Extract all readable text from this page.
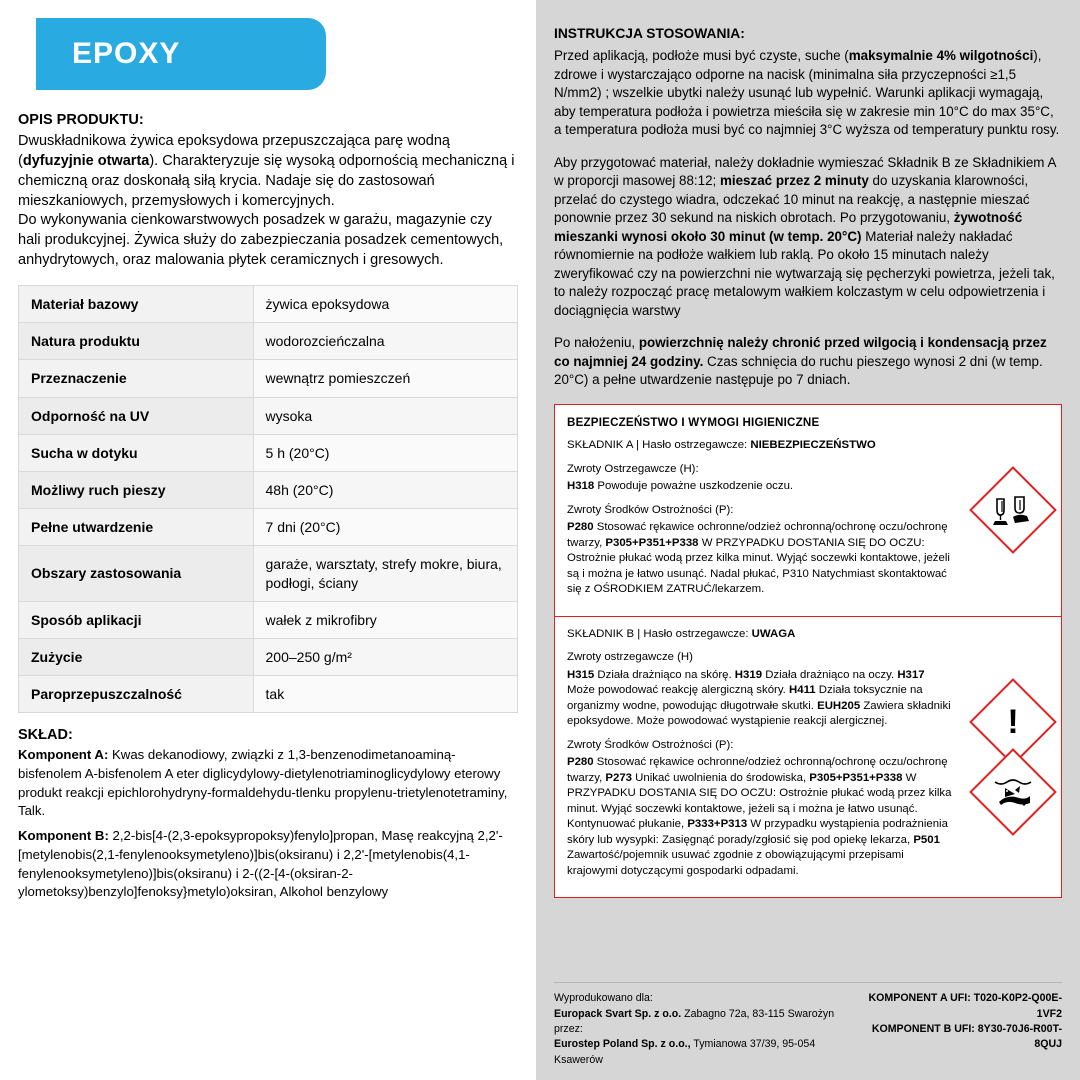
EPOXY
OPIS PRODUKTU:
Dwuskładnikowa żywica epoksydowa przepuszczająca parę wodną (dyfuzyjnie otwarta). Charakteryzuje się wysoką odpornością mechaniczną i chemiczną oraz doskonałą siłą krycia. Nadaje się do zastosowań mieszkaniowych, przemysłowych i komercyjnych.
Do wykonywania cienkowarstwowych posadzek w garażu, magazynie czy hali produkcyjnej. Żywica służy do zabezpieczania posadzek cementowych, anhydrytowych, oraz malowania płytek ceramicznych i gresowych.
Materiał bazowy	żywica epoksydowa
Natura produktu	wodorozcieńczalna
Przeznaczenie	wewnątrz pomieszczeń
Odporność na UV	wysoka
Sucha w dotyku	5 h (20°C)
Możliwy ruch pieszy	48h (20°C)
Pełne utwardzenie	7 dni (20°C)
Obszary zastosowania	garaże, warsztaty, strefy mokre, biura, podłogi, ściany
Sposób aplikacji	wałek z mikrofibry
Zużycie	200–250 g/m²
Paroprzepuszczalność	tak
SKŁAD:

Komponent A: Kwas dekanodiowy, związki z 1,3-benzenodimetanoaminą-bisfenolem A-bisfenolem A eter diglicydylowy-dietylenotriaminoglicydylowy eterowy produkt reakcji epichlorohydryny-formaldehydu-tlenku propylenu-trietylenotetraminy, Talk.

Komponent B: 2,2-bis[4-(2,3-epoksypropoksy)fenylo]propan, Masę reakcyjną 2,2'-[metylenobis(2,1-fenylenooksymetyleno)]bis(oksiranu) i 2,2'-[metylenobis(4,1-fenylenooksymetyleno)]bis(oksiranu) i 2-((2-[4-(oksiran-2-ylometoksy)benzylo]fenoksy}metylo)oksiran, Alkohol benzylowy

INSTRUKCJA STOSOWANIA:

Przed aplikacją, podłoże musi być czyste, suche (maksymalnie 4% wilgotności), zdrowe i wystarczająco odporne na nacisk (minimalna siła przyczepności ≥1,5 N/mm2) ; wszelkie ubytki należy usunąć lub wypełnić. Warunki aplikacji wymagają, aby temperatura podłoża i powietrza mieściła się w zakresie min 10°C do max 35°C, a temperatura podłoża musi być co najmniej 3°C wyższa od temperatury punktu rosy.

Aby przygotować materiał, należy dokładnie wymieszać Składnik B ze Składnikiem A w proporcji masowej 88:12; mieszać przez 2 minuty do uzyskania klarowności, przelać do czystego wiadra, odczekać 10 minut na reakcję, a następnie mieszać ponownie przez 30 sekund na niskich obrotach. Po przygotowaniu, żywotność mieszanki wynosi około 30 minut (w temp. 20°C) Materiał należy nakładać równomiernie na podłoże wałkiem lub raklą. Po około 15 minutach należy zweryfikować czy na powierzchni nie wytwarzają się pęcherzyki powietrza, jeżeli tak, to należy rozpocząć pracę metalowym wałkiem kolczastym w celu odpowietrzenia i dociągnięcia warstwy

Po nałożeniu, powierzchnię należy chronić przed wilgocią i kondensacją przez co najmniej 24 godziny. Czas schnięcia do ruchu pieszego wynosi 2 dni (w temp. 20°C) a pełne utwardzenie następuje po 7 dniach.

BEZPIECZEŃSTWO I WYMOGI HIGIENICZNE

SKŁADNIK A | Hasło ostrzegawcze: NIEBEZPIECZEŃSTWO

Zwroty Ostrzegawcze (H):

H318 Powoduje poważne uszkodzenie oczu.

Zwroty Środków Ostrożności (P):

P280 Stosować rękawice ochronne/odzież ochronną/ochronę oczu/ochronę twarzy, P305+P351+P338 W PRZYPADKU DOSTANIA SIĘ DO OCZU: Ostrożnie płukać wodą przez kilka minut. Wyjąć soczewki kontaktowe, jeżeli są i można je łatwo usunąć. Nadal płukać, P310 Natychmiast skontaktować się z OŚRODKIEM ZATRUĆ/lekarzem.

SKŁADNIK B | Hasło ostrzegawcze: UWAGA

Zwroty ostrzegawcze (H)

H315 Działa drażniąco na skórę. H319 Działa drażniąco na oczy. H317 Może powodować reakcję alergiczną skóry. H411 Działa toksycznie na organizmy wodne, powodując długotrwałe skutki. EUH205 Zawiera składniki epoksydowe. Może powodować wystąpienie reakcji alergicznej.

Zwroty Środków Ostrożności (P):

P280 Stosować rękawice ochronne/odzież ochronną/ochronę oczu/ochronę twarzy, P273 Unikać uwolnienia do środowiska, P305+P351+P338 W PRZYPADKU DOSTANIA SIĘ DO OCZU: Ostrożnie płukać wodą przez kilka minut. Wyjąć soczewki kontaktowe, jeżeli są i można je łatwo usunąć. Kontynuować płukanie, P333+P313 W przypadku wystąpienia podrażnienia skóry lub wysypki: Zasięgnąć porady/zgłosić się pod opiekę lekarza, P501 Zawartość/pojemnik usuwać zgodnie z obowiązującymi przepisami krajowymi dotyczącymi gospodarki odpadami.

!
Wyprodukowano dla:
Europack Svart Sp. z o.o. Zabagno 72a, 83-115 Swarożyn
przez:
Eurostep Poland Sp. z o.o., Tymianowa 37/39, 95-054 Ksawerów
KOMPONENT A UFI: T020-K0P2-Q00E-1VF2
KOMPONENT B UFI: 8Y30-70J6-R00T-8QUJ
